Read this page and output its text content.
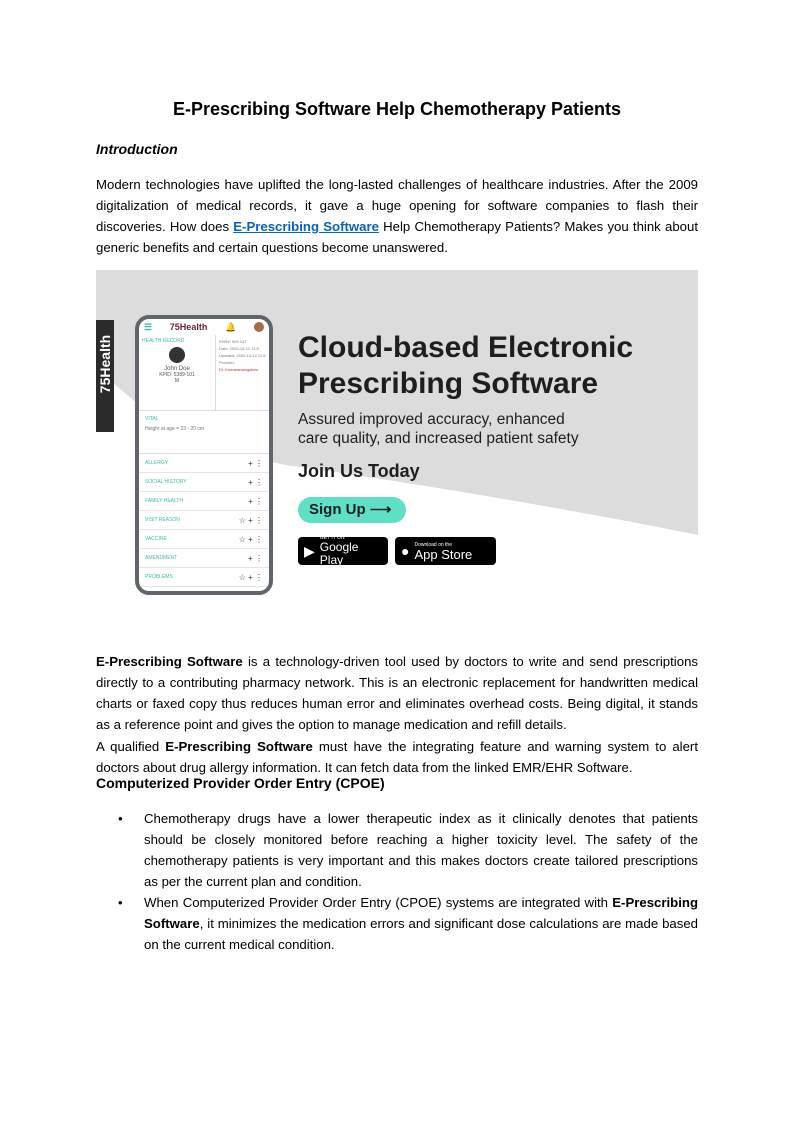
E-Prescribing Software Help Chemotherapy Patients
Introduction

Modern technologies have uplifted the long-lasted challenges of healthcare industries. After the 2009 digitalization of medical records, it gave a huge opening for software companies to flash their discoveries. How does E-Prescribing Software Help Chemotherapy Patients? Makes you think about generic benefits and certain questions become unanswered.

75Health
☰ 75Health 🔔
HEALTH RECORD
John Doe
KPID: 5389-101
M
EHR#: 509 147
Date: 2020-10-12 11:5
Updated: 2020-10-12 11:5
Provider:
Dr. Kumaramangalam
VITAL
Height at age = 23 - 20 cm
ALLERGY	+ ⋮
SOCIAL HISTORY	+ ⋮
FAMILY HEALTH	+ ⋮
VISIT REASON	☆ + ⋮
VACCINE	☆ + ⋮
AMENDMENT	+ ⋮
PROBLEMS	☆ + ⋮
Cloud-based Electronic
Prescribing Software
Assured improved accuracy, enhanced
care quality, and increased patient safety
Join Us Today
Sign Up ⟶
▶
GET IT ON
Google Play
● Download on the
App Store

E-Prescribing Software is a technology-driven tool used by doctors to write and send prescriptions directly to a contributing pharmacy network. This is an electronic replacement for handwritten medical charts or faxed copy thus reduces human error and eliminates overhead costs. Being digital, it stands as a reference point and gives the option to manage medication and refill details.

A qualified E-Prescribing Software must have the integrating feature and warning system to alert doctors about drug allergy information. It can fetch data from the linked EMR/EHR Software.

Computerized Provider Order Entry (CPOE)
• Chemotherapy drugs have a lower therapeutic index as it clinically denotes that patients should be closely monitored before reaching a higher toxicity level. The safety of the chemotherapy patients is very important and this makes doctors create tailored prescriptions as per the current plan and condition.
• When Computerized Provider Order Entry (CPOE) systems are integrated with E-Prescribing Software, it minimizes the medication errors and significant dose calculations are made based on the current medical condition.
